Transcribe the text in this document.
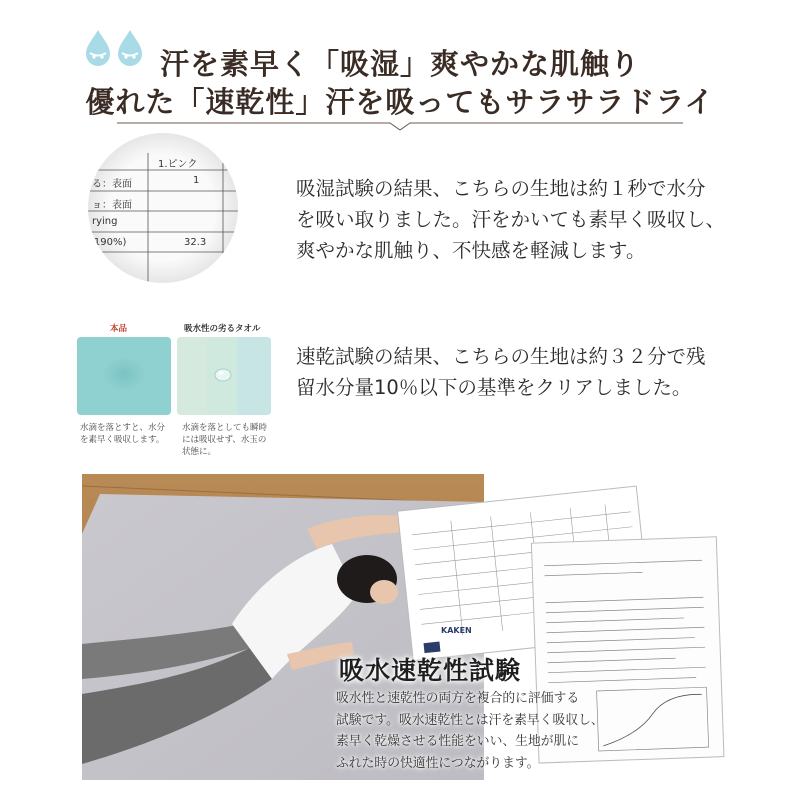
汗を素早く「吸湿」爽やかな肌触り
優れた「速乾性」汗を吸ってもサラサラドライ
1.ピンク
る：表面	1
ョ：表面
rying
(190%)	32.3
吸湿試験の結果、こちらの生地は約１秒で水分
を吸い取りました。汗をかいても素早く吸収し、
爽やかな肌触り、不快感を軽減します。
本品	吸水性の劣るタオル
水滴を落とすと、水分
を素早く吸収します。
水滴を落としても瞬時
には吸収せず、水玉の
状態に。
速乾試験の結果、こちらの生地は約３２分で残
留水分量10％以下の基準をクリアしました。
KAKEN
吸水速乾性試験
吸水性と速乾性の両方を複合的に評価する
試験です。吸水速乾性とは汗を素早く吸収し、
素早く乾燥させる性能をいい、生地が肌に
ふれた時の快適性につながります。
